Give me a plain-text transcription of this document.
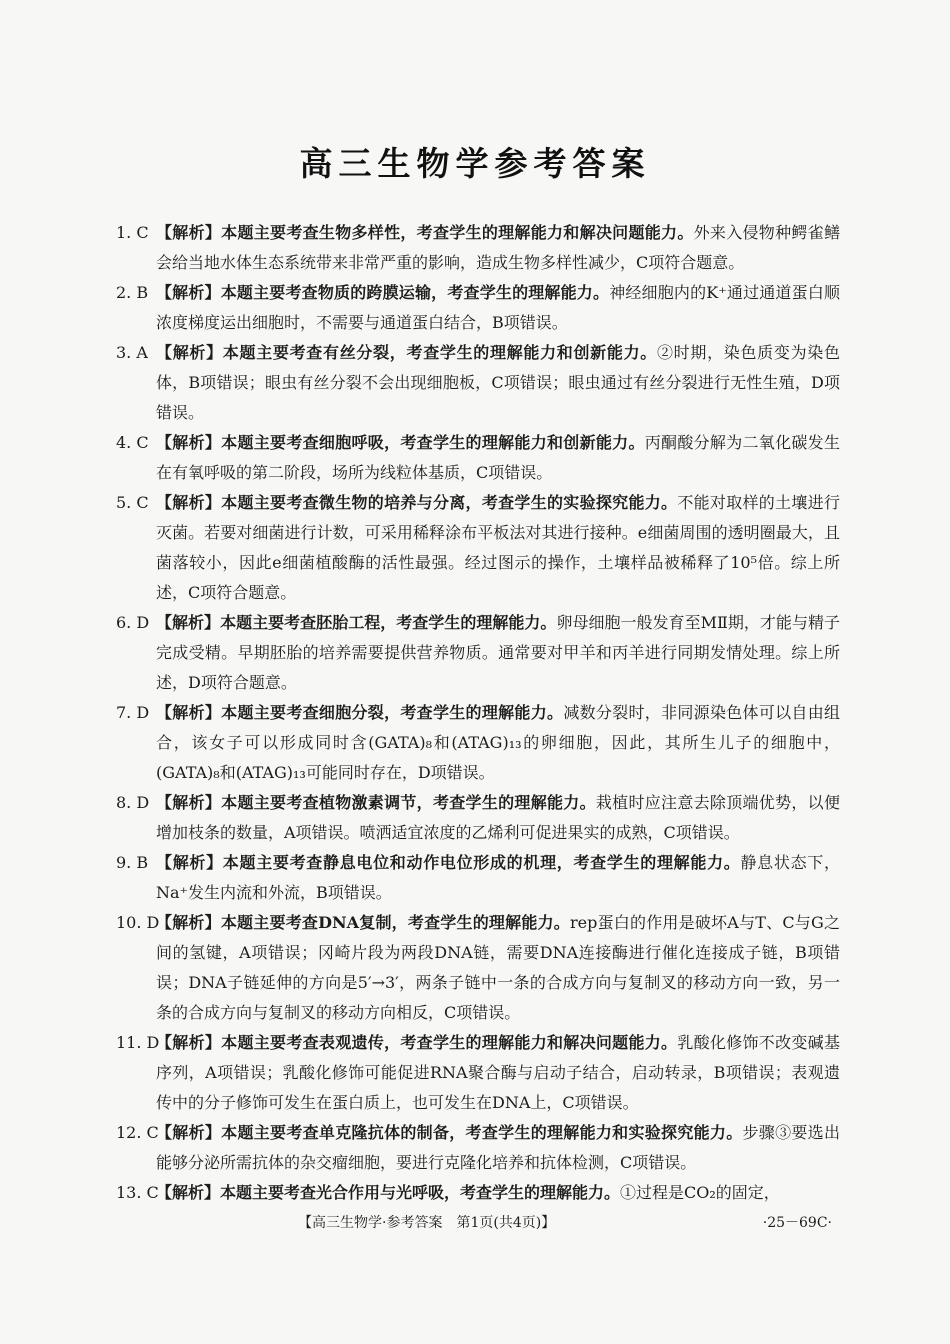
高三生物学参考答案
1. C 【解析】本题主要考查生物多样性，考查学生的理解能力和解决问题能力。外来入侵物种鳄雀鳝会给当地水体生态系统带来非常严重的影响，造成生物多样性减少，C项符合题意。
2. B 【解析】本题主要考查物质的跨膜运输，考查学生的理解能力。神经细胞内的K⁺通过通道蛋白顺浓度梯度运出细胞时，不需要与通道蛋白结合，B项错误。
3. A 【解析】本题主要考查有丝分裂，考查学生的理解能力和创新能力。②时期，染色质变为染色体，B项错误；眼虫有丝分裂不会出现细胞板，C项错误；眼虫通过有丝分裂进行无性生殖，D项错误。
4. C 【解析】本题主要考查细胞呼吸，考查学生的理解能力和创新能力。丙酮酸分解为二氧化碳发生在有氧呼吸的第二阶段，场所为线粒体基质，C项错误。
5. C 【解析】本题主要考查微生物的培养与分离，考查学生的实验探究能力。不能对取样的土壤进行灭菌。若要对细菌进行计数，可采用稀释涂布平板法对其进行接种。e细菌周围的透明圈最大，且菌落较小，因此e细菌植酸酶的活性最强。经过图示的操作，土壤样品被稀释了10⁵倍。综上所述，C项符合题意。
6. D 【解析】本题主要考查胚胎工程，考查学生的理解能力。卵母细胞一般发育至MⅡ期，才能与精子完成受精。早期胚胎的培养需要提供营养物质。通常要对甲羊和丙羊进行同期发情处理。综上所述，D项符合题意。
7. D 【解析】本题主要考查细胞分裂，考查学生的理解能力。减数分裂时，非同源染色体可以自由组合，该女子可以形成同时含(GATA)₈和(ATAG)₁₃的卵细胞，因此，其所生儿子的细胞中，(GATA)₈和(ATAG)₁₃可能同时存在，D项错误。
8. D 【解析】本题主要考查植物激素调节，考查学生的理解能力。栽植时应注意去除顶端优势，以便增加枝条的数量，A项错误。喷洒适宜浓度的乙烯利可促进果实的成熟，C项错误。
9. B 【解析】本题主要考查静息电位和动作电位形成的机理，考查学生的理解能力。静息状态下，Na⁺发生内流和外流，B项错误。
10. D
【解析】本题主要考查DNA复制，考查学生的理解能力。rep蛋白的作用是破坏A与T、C与G之间的氢键，A项错误；冈崎片段为两段DNA链，需要DNA连接酶进行催化连接成子链，B项错误；DNA子链延伸的方向是5′→3′，两条子链中一条的合成方向与复制叉的移动方向一致，另一条的合成方向与复制叉的移动方向相反，C项错误。
11. D
【解析】本题主要考查表观遗传，考查学生的理解能力和解决问题能力。乳酸化修饰不改变碱基序列，A项错误；乳酸化修饰可能促进RNA聚合酶与启动子结合，启动转录，B项错误；表观遗传中的分子修饰可发生在蛋白质上，也可发生在DNA上，C项错误。
12. C
【解析】本题主要考查单克隆抗体的制备，考查学生的理解能力和实验探究能力。步骤③要选出能够分泌所需抗体的杂交瘤细胞，要进行克隆化培养和抗体检测，C项错误。
13. C
【解析】本题主要考查光合作用与光呼吸，考查学生的理解能力。①过程是CO₂的固定，
【高三生物学·参考答案　第1页(共4页)】	·25－69C·
